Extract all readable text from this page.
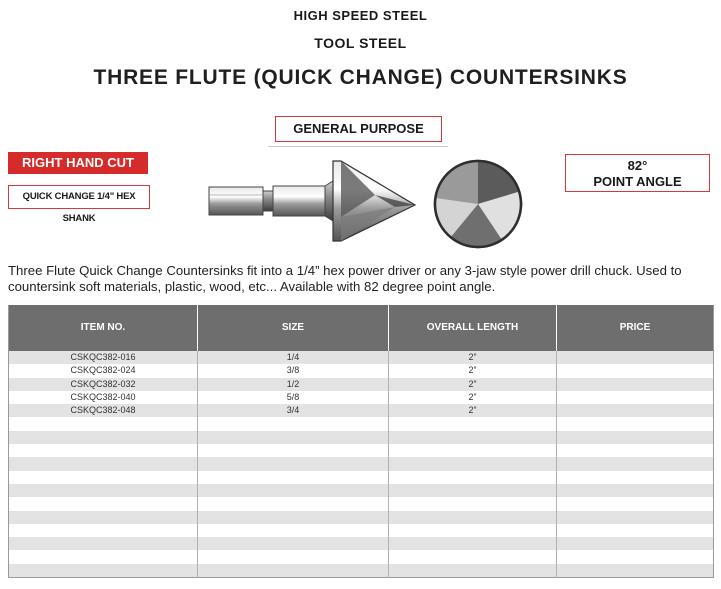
HIGH SPEED STEEL
TOOL STEEL
THREE FLUTE (QUICK CHANGE) COUNTERSINKS
GENERAL PURPOSE
RIGHT HAND CUT
QUICK CHANGE 1/4" HEX SHANK
82°
POINT ANGLE
Three Flute Quick Change Countersinks fit into a 1/4” hex power driver or any 3-jaw style power drill chuck. Used to countersink soft materials, plastic, wood, etc... Available with 82 degree point angle.
ITEM NO.	SIZE	OVERALL LENGTH	PRICE
CSKQC382-016	1/4	2”	
CSKQC382-024	3/8	2”	
CSKQC382-032	1/2	2”	
CSKQC382-040	5/8	2”	
CSKQC382-048	3/4	2”	
